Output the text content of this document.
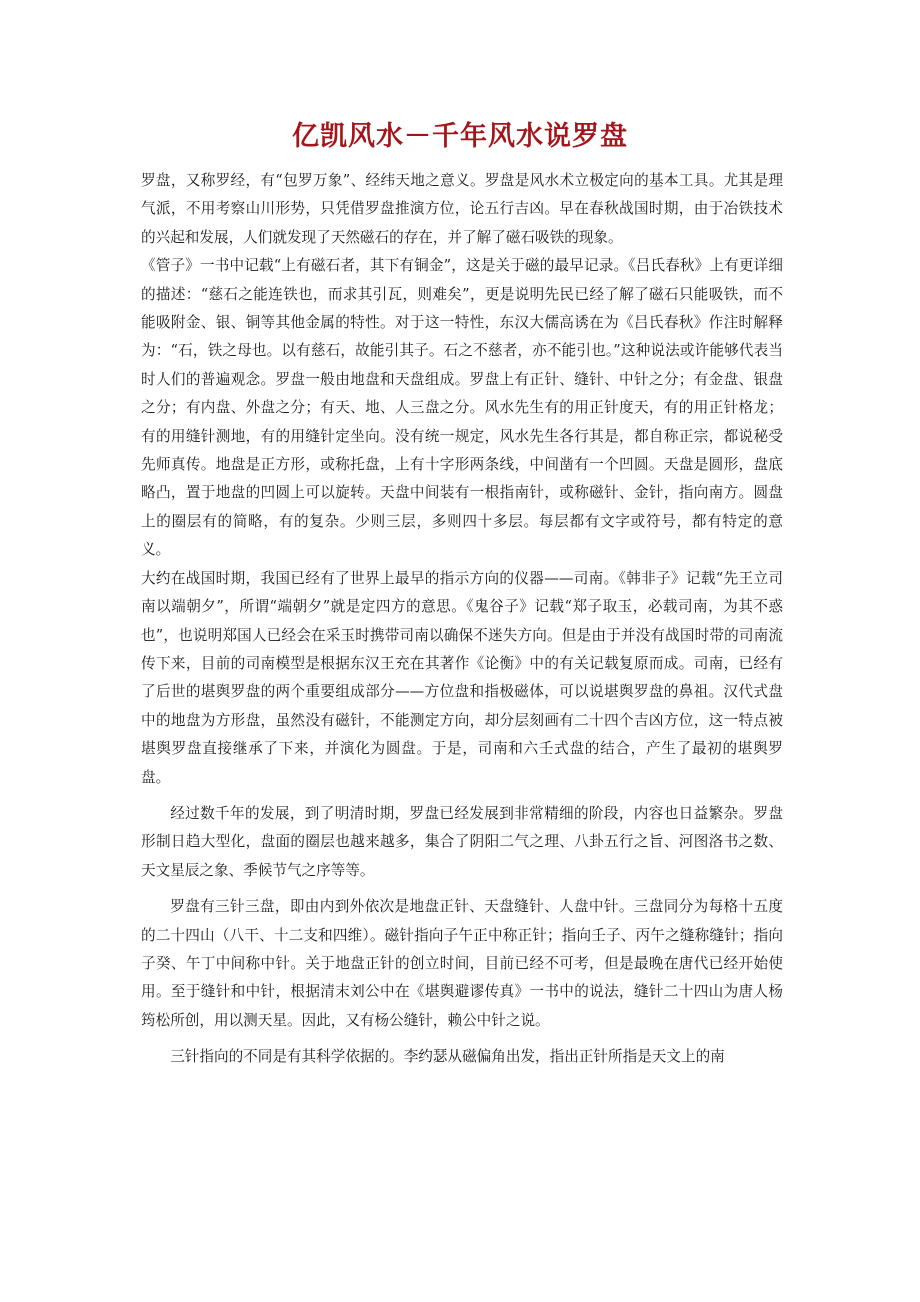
亿凯风水－千年风水说罗盘

罗盘，又称罗经，有“包罗万象”、经纬天地之意义。罗盘是风水术立极定向的基本工具。尤其是理气派，不用考察山川形势，只凭借罗盘推演方位，论五行吉凶。早在春秋战国时期，由于冶铁技术的兴起和发展，人们就发现了天然磁石的存在，并了解了磁石吸铁的现象。

《管子》一书中记载“上有磁石者，其下有铜金”，这是关于磁的最早记录。《吕氏春秋》上有更详细的描述：“慈石之能连铁也，而求其引瓦，则难矣”，更是说明先民已经了解了磁石只能吸铁，而不能吸附金、银、铜等其他金属的特性。对于这一特性，东汉大儒高诱在为《吕氏春秋》作注时解释为：“石，铁之母也。以有慈石，故能引其子。石之不慈者，亦不能引也。”这种说法或许能够代表当时人们的普遍观念。罗盘一般由地盘和天盘组成。罗盘上有正针、缝针、中针之分；有金盘、银盘之分；有内盘、外盘之分；有天、地、人三盘之分。风水先生有的用正针度天，有的用正针格龙；有的用缝针测地，有的用缝针定坐向。没有统一规定，风水先生各行其是，都自称正宗，都说秘受先师真传。地盘是正方形，或称托盘，上有十字形两条线，中间凿有一个凹圆。天盘是圆形，盘底略凸，置于地盘的凹圆上可以旋转。天盘中间装有一根指南针，或称磁针、金针，指向南方。圆盘上的圈层有的简略，有的复杂。少则三层，多则四十多层。每层都有文字或符号，都有特定的意义。

大约在战国时期，我国已经有了世界上最早的指示方向的仪器——司南。《韩非子》记载“先王立司南以端朝夕”，所谓“端朝夕”就是定四方的意思。《鬼谷子》记载“郑子取玉，必载司南，为其不惑也”，也说明郑国人已经会在采玉时携带司南以确保不迷失方向。但是由于并没有战国时带的司南流传下来，目前的司南模型是根据东汉王充在其著作《论衡》中的有关记载复原而成。司南，已经有了后世的堪舆罗盘的两个重要组成部分——方位盘和指极磁体，可以说堪舆罗盘的鼻祖。汉代式盘中的地盘为方形盘，虽然没有磁针，不能测定方向，却分层刻画有二十四个吉凶方位，这一特点被堪舆罗盘直接继承了下来，并演化为圆盘。于是，司南和六壬式盘的结合，产生了最初的堪舆罗盘。

经过数千年的发展，到了明清时期，罗盘已经发展到非常精细的阶段，内容也日益繁杂。罗盘形制日趋大型化，盘面的圈层也越来越多，集合了阴阳二气之理、八卦五行之旨、河图洛书之数、天文星辰之象、季候节气之序等等。

罗盘有三针三盘，即由内到外依次是地盘正针、天盘缝针、人盘中针。三盘同分为每格十五度的二十四山（八干、十二支和四维）。磁针指向子午正中称正针；指向壬子、丙午之缝称缝针；指向子癸、午丁中间称中针。关于地盘正针的创立时间，目前已经不可考，但是最晚在唐代已经开始使用。至于缝针和中针，根据清末刘公中在《堪舆避谬传真》一书中的说法，缝针二十四山为唐人杨筠松所创，用以测天星。因此，又有杨公缝针，赖公中针之说。

三针指向的不同是有其科学依据的。李约瑟从磁偏角出发，指出正针所指是天文上的南
